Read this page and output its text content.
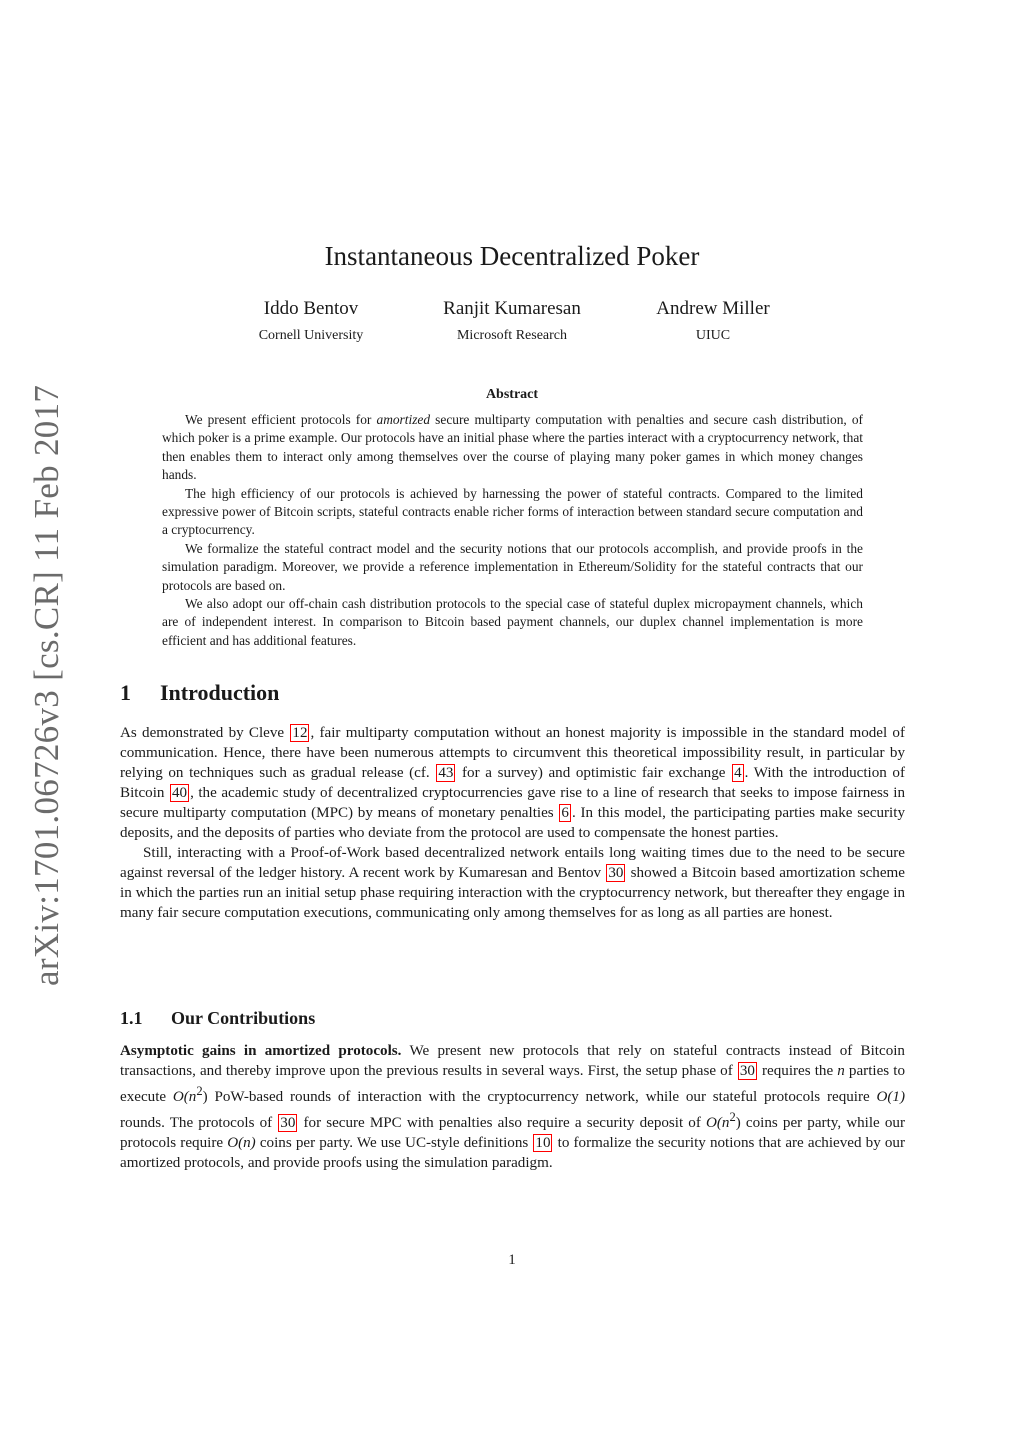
arXiv:1701.06726v3 [cs.CR] 11 Feb 2017
Instantaneous Decentralized Poker
Iddo Bentov
Cornell University
Ranjit Kumaresan
Microsoft Research
Andrew Miller
UIUC
Abstract

We present efficient protocols for amortized secure multiparty computation with penalties and secure cash distribution, of which poker is a prime example. Our protocols have an initial phase where the parties interact with a cryptocurrency network, that then enables them to interact only among themselves over the course of playing many poker games in which money changes hands.

The high efficiency of our protocols is achieved by harnessing the power of stateful contracts. Compared to the limited expressive power of Bitcoin scripts, stateful contracts enable richer forms of interaction between standard secure computation and a cryptocurrency.

We formalize the stateful contract model and the security notions that our protocols accomplish, and provide proofs in the simulation paradigm. Moreover, we provide a reference implementation in Ethereum/Solidity for the stateful contracts that our protocols are based on.

We also adopt our off-chain cash distribution protocols to the special case of stateful duplex micropayment channels, which are of independent interest. In comparison to Bitcoin based payment channels, our duplex channel implementation is more efficient and has additional features.

1 Introduction

As demonstrated by Cleve 12 , fair multiparty computation without an honest majority is impossible in the standard model of communication. Hence, there have been numerous attempts to circumvent this theoretical impossibility result, in particular by relying on techniques such as gradual release (cf. 43 for a survey) and optimistic fair exchange 4 . With the introduction of Bitcoin 40 , the academic study of decentralized cryptocurrencies gave rise to a line of research that seeks to impose fairness in secure multiparty computation (MPC) by means of monetary penalties 6 . In this model, the participating parties make security deposits, and the deposits of parties who deviate from the protocol are used to compensate the honest parties.

Still, interacting with a Proof-of-Work based decentralized network entails long waiting times due to the need to be secure against reversal of the ledger history. A recent work by Kumaresan and Bentov 30 showed a Bitcoin based amortization scheme in which the parties run an initial setup phase requiring interaction with the cryptocurrency network, but thereafter they engage in many fair secure computation executions, communicating only among themselves for as long as all parties are honest.

1.1 Our Contributions

Asymptotic gains in amortized protocols. We present new protocols that rely on stateful contracts instead of Bitcoin transactions, and thereby improve upon the previous results in several ways. First, the setup phase of 30 requires the n parties to execute $O(n^2)$ PoW-based rounds of interaction with the cryptocurrency network, while our stateful protocols require O(1) rounds. The protocols of 30 for secure MPC with penalties also require a security deposit of $O(n^2)$ coins per party, while our protocols require O(n) coins per party. We use UC-style definitions 10 to formalize the security notions that are achieved by our amortized protocols, and provide proofs using the simulation paradigm.

1
